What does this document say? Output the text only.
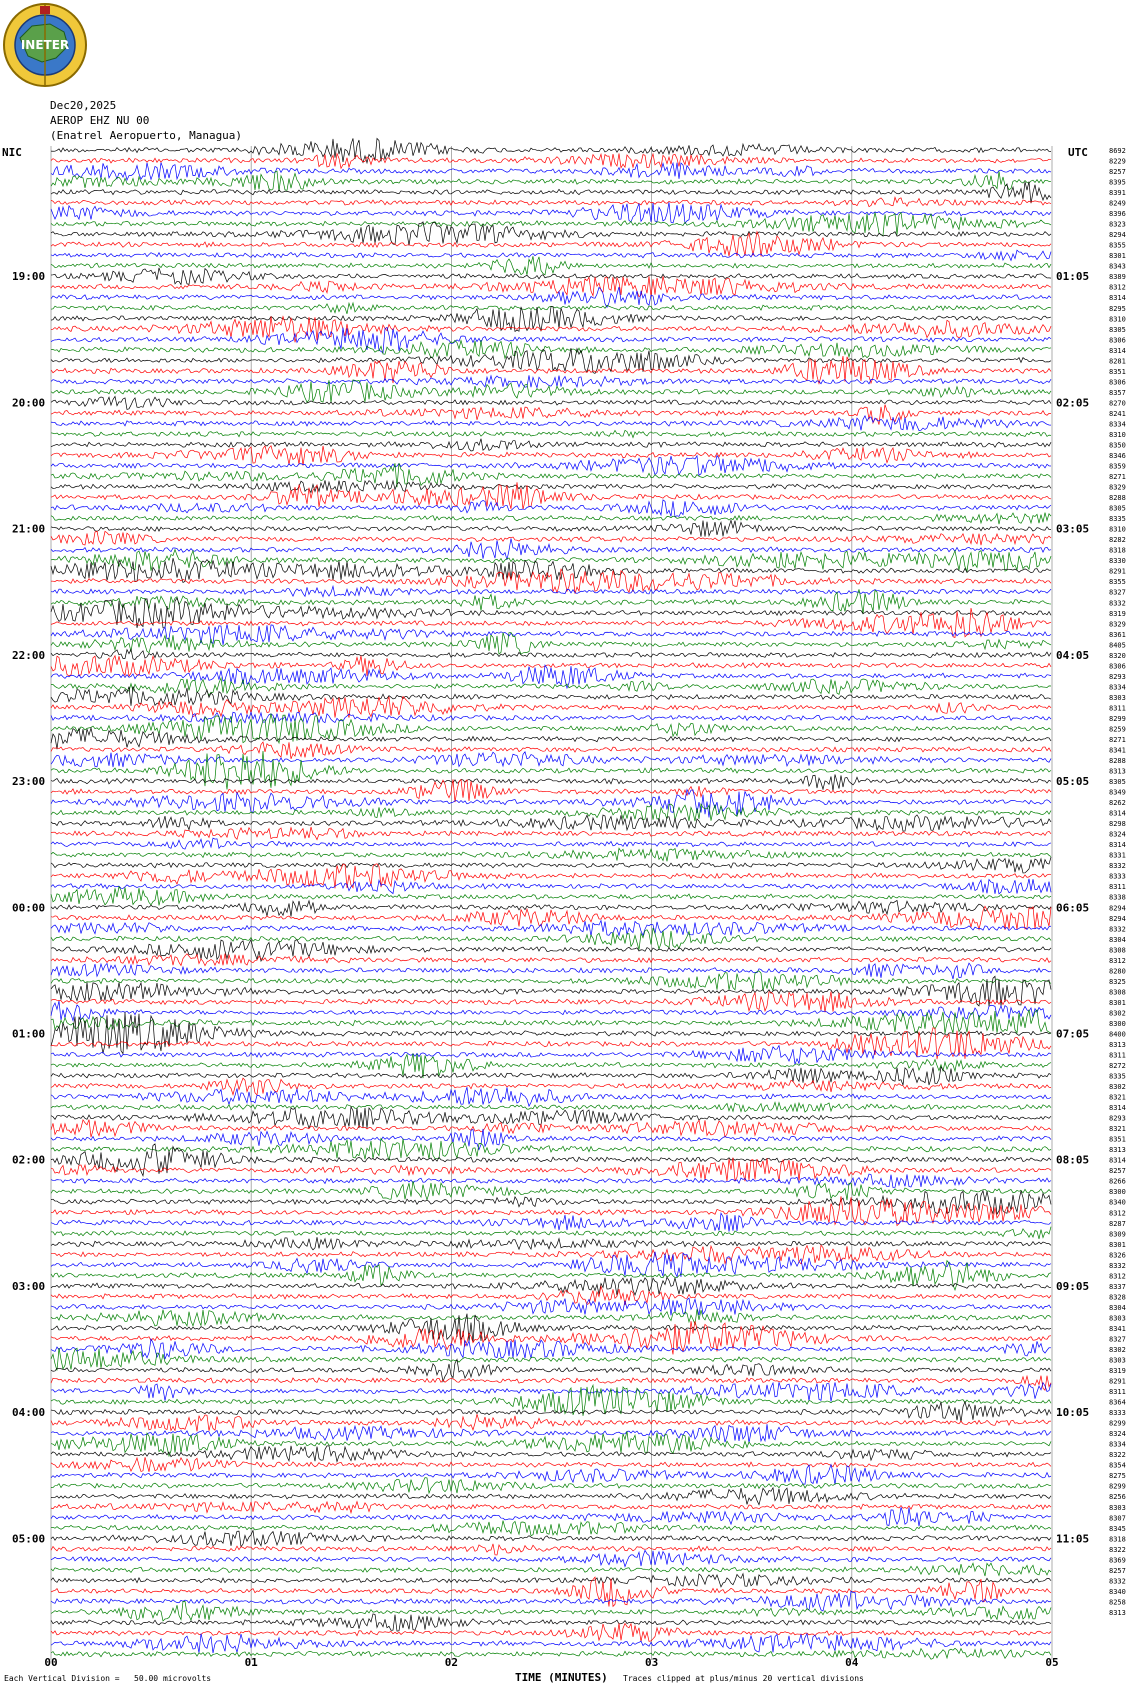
INETER
Dec20,2025
AEROP EHZ NU 00
(Enatrel Aeropuerto, Managua)
NIC	UTC	8692
8229
8257
8395
8391
8249
8396
8323
8294
8355
8301
8343
8389
8312
8314
8295
8310
8305
8306
8314
8281
8351
8306
8357
8270
8241
8334
8310
8350
8346
8359
8271
8329
8288
8305
8335
8310
8282
8318
8330
8291
8355
8327
8332
8319
8329
8361
8405
8320
8306
8293
8334
8303
8311
8299
8259
8271
8341
8288
8313
8305
8349
8262
8314
8298
8324
8314
8331
8332
8333
8311
8338
8294
8294
8332
8304
8308
8312
8280
8325
8308
8301
8302
8300
8400
8313
8311
8272
8335
8302
8321
8314
8293
8321
8351
8313
8314
8257
8266
8300
8340
8312
8287
8309
8301
8326
8332
8312
8337
8328
8304
8303
8341
8327
8302
8303
8319
8291
8311
8364
8333
8299
8324
8334
8322
8354
8275
8299
8256
8303
8307
8345
8318
8322
8369
8257
8332
8340
8258
8313
19:00	01:05
20:00	02:05
21:00	03:05
22:00	04:05
23:00	05:05
00:00	06:05
01:00	07:05
02:00	08:05
03:00	09:05
04:00	10:05
05:00	11:05
00	01	02	03	04	05
Each Vertical Division =   50.00 microvolts	TIME (MINUTES) Traces clipped at plus/minus 20 vertical divisions
